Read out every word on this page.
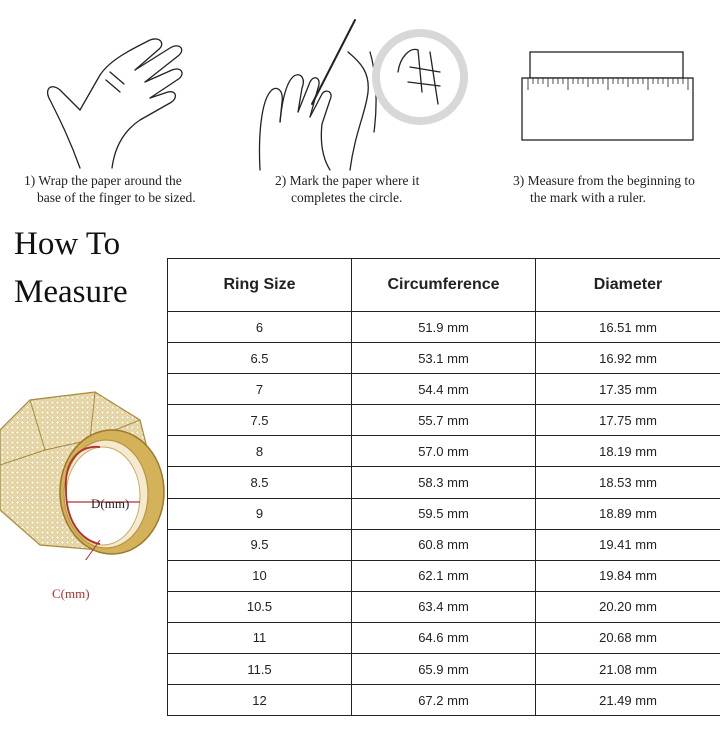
1) Wrap the paper around the
base of the finger to be sized.
2) Mark the paper where it
completes the circle.
3) Measure from the beginning to
the mark with a ruler.
How To
Measure
D(mm)
C(mm)
Ring Size	Circumference	Diameter
6	51.9 mm	16.51 mm
6.5	53.1 mm	16.92 mm
7	54.4 mm	17.35 mm
7.5	55.7 mm	17.75 mm
8	57.0 mm	18.19 mm
8.5	58.3 mm	18.53 mm
9	59.5 mm	18.89 mm
9.5	60.8 mm	19.41 mm
10	62.1 mm	19.84 mm
10.5	63.4 mm	20.20 mm
11	64.6 mm	20.68 mm
11.5	65.9 mm	21.08 mm
12	67.2 mm	21.49 mm
